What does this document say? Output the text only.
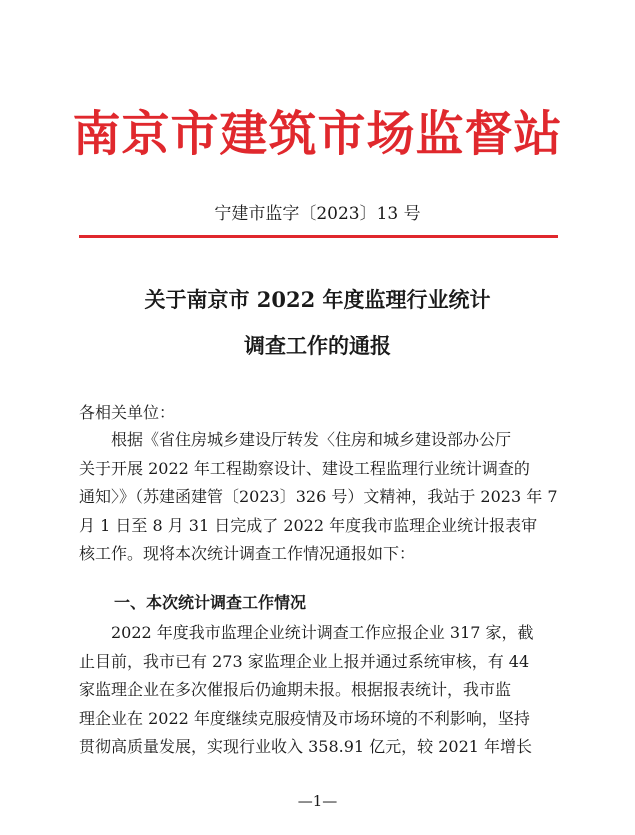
南京市建筑市场监督站
宁建市监字〔2023〕13 号
关于南京市 2022 年度监理行业统计
调查工作的通报
各相关单位：
　　根据《省住房城乡建设厅转发〈住房和城乡建设部办公厅
关于开展 2022 年工程勘察设计、建设工程监理行业统计调查的
通知〉》（苏建函建管〔2023〕326 号）文精神，我站于 2023 年 7
月 1 日至 8 月 31 日完成了 2022 年度我市监理企业统计报表审
核工作。现将本次统计调查工作情况通报如下：
一、本次统计调查工作情况
　　2022 年度我市监理企业统计调查工作应报企业 317 家，截
止目前，我市已有 273 家监理企业上报并通过系统审核，有 44
家监理企业在多次催报后仍逾期未报。根据报表统计，我市监
理企业在 2022 年度继续克服疫情及市场环境的不利影响，坚持
贯彻高质量发展，实现行业收入 358.91 亿元，较 2021 年增长
—1—
